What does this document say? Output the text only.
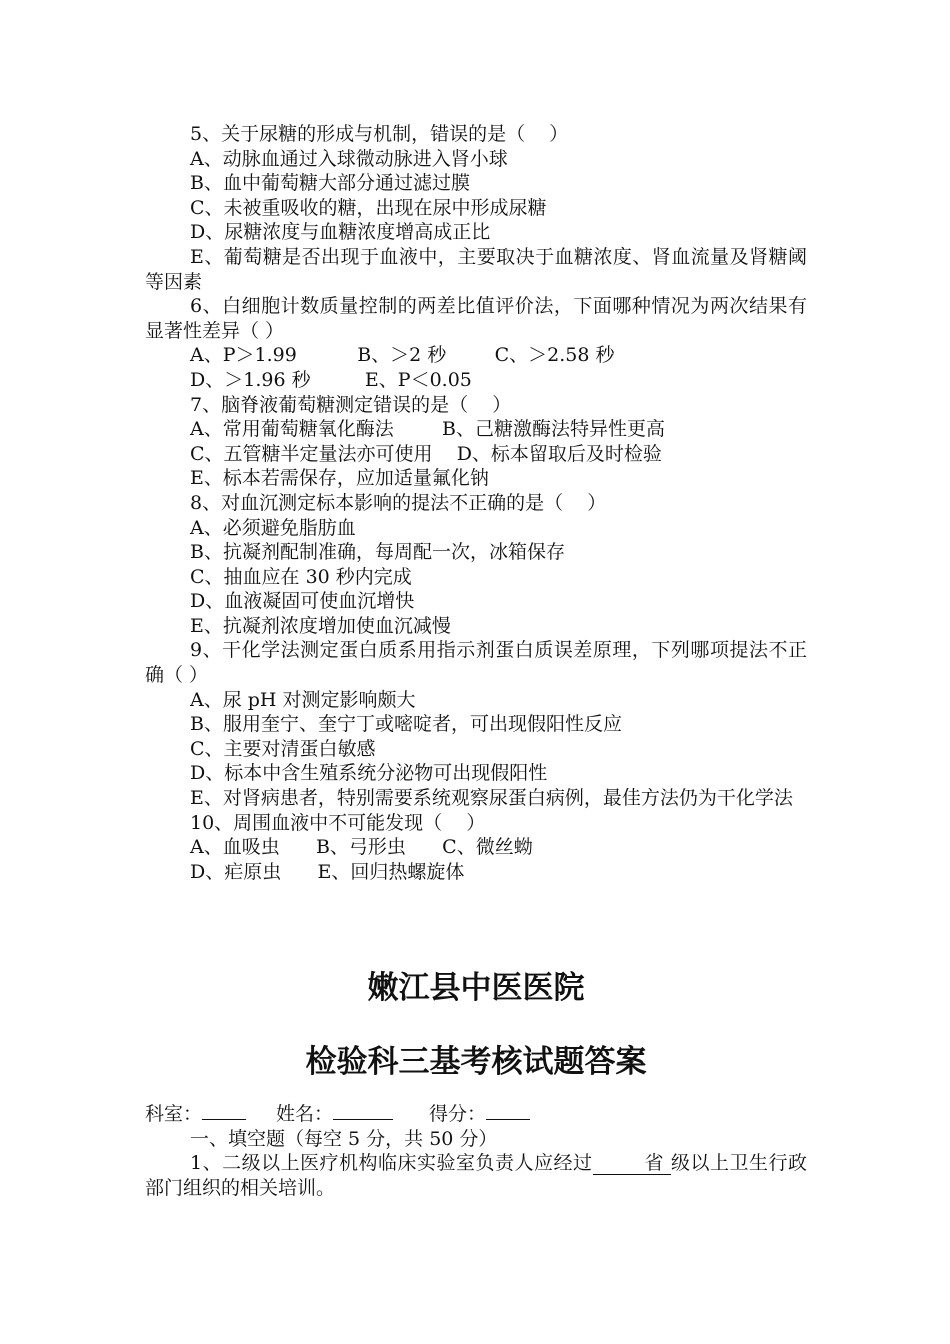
5、关于尿糖的形成与机制，错误的是（    ）
A、动脉血通过入球微动脉进入肾小球
B、血中葡萄糖大部分通过滤过膜
C、未被重吸收的糖，出现在尿中形成尿糖
D、尿糖浓度与血糖浓度增高成正比
E、葡萄糖是否出现于血液中，主要取决于血糖浓度、肾血流量及肾糖阈等因素
6、白细胞计数质量控制的两差比值评价法，下面哪种情况为两次结果有显著性差异（ ）
A、P＞1.99          B、＞2 秒        C、＞2.58 秒
D、＞1.96 秒         E、P＜0.05
7、脑脊液葡萄糖测定错误的是（    ）
A、常用葡萄糖氧化酶法        B、己糖激酶法特异性更高
C、五管糖半定量法亦可使用    D、标本留取后及时检验
E、标本若需保存，应加适量氟化钠
8、对血沉测定标本影响的提法不正确的是（    ）
A、必须避免脂肪血
B、抗凝剂配制准确，每周配一次，冰箱保存
C、抽血应在 30 秒内完成
D、血液凝固可使血沉增快
E、抗凝剂浓度增加使血沉减慢
9、干化学法测定蛋白质系用指示剂蛋白质误差原理，下列哪项提法不正确（ ）
A、尿 pH 对测定影响颇大
B、服用奎宁、奎宁丁或嘧啶者，可出现假阳性反应
C、主要对清蛋白敏感
D、标本中含生殖系统分泌物可出现假阳性
E、对肾病患者，特别需要系统观察尿蛋白病例，最佳方法仍为干化学法
10、周围血液中不可能发现（    ）
A、血吸虫      B、弓形虫      C、微丝蚴
D、疟原虫      E、回归热螺旋体
嫩江县中医医院
检验科三基考核试题答案
科室：	姓名：	得分：
一、填空题（每空 5 分，共 50 分）
1、二级以上医疗机构临床实验室负责人应经过	省 级以上卫生行政部门组织的相关培训。
